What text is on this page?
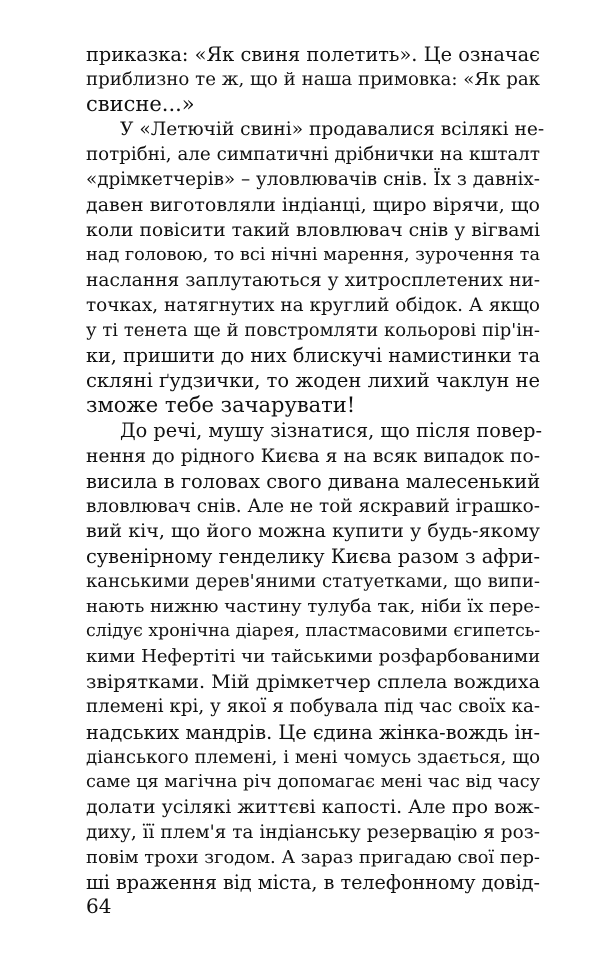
приказка: «Як свиня полетить». Це означає
приблизно те ж, що й наша примовка: «Як рак
свисне...»
У «Летючій свині» продавалися всілякі не-
потрібні, але симпатичні дрібнички на кшталт
«дрімкетчерів» – уловлювачів снів. Їх з давніх-
давен виготовляли індіанці, щиро вірячи, що
коли повісити такий вловлювач снів у вігвамі
над головою, то всі нічні марення, зурочення та
наслання заплутаються у хитросплетених ни-
точках, натягнутих на круглий обідок. А якщо
у ті тенета ще й повстромляти кольорові пір'ін-
ки, пришити до них блискучі намистинки та
скляні ґудзички, то жоден лихий чаклун не
зможе тебе зачарувати!
До речі, мушу зізнатися, що після повер-
нення до рідного Києва я на всяк випадок по-
висила в головах свого дивана малесенький
вловлювач снів. Але не той яскравий іграшко-
вий кіч, що його можна купити у будь-якому
сувенірному генделику Києва разом з афри-
канськими дерев'яними статуетками, що випи-
нають нижню частину тулуба так, ніби їх пере-
слідує хронічна діарея, пластмасовими єгипетсь-
кими Нефертіті чи тайськими розфарбованими
звірятками. Мій дрімкетчер сплела вождиха
племені крі, у якої я побувала під час своїх ка-
надських мандрів. Це єдина жінка-вождь ін-
діанського племені, і мені чомусь здається, що
саме ця магічна річ допомагає мені час від часу
долати усілякі життєві капості. Але про вож-
диху, її плем'я та індіанську резервацію я роз-
повім трохи згодом. А зараз пригадаю свої пер-
ші враження від міста, в телефонному довід-
64
